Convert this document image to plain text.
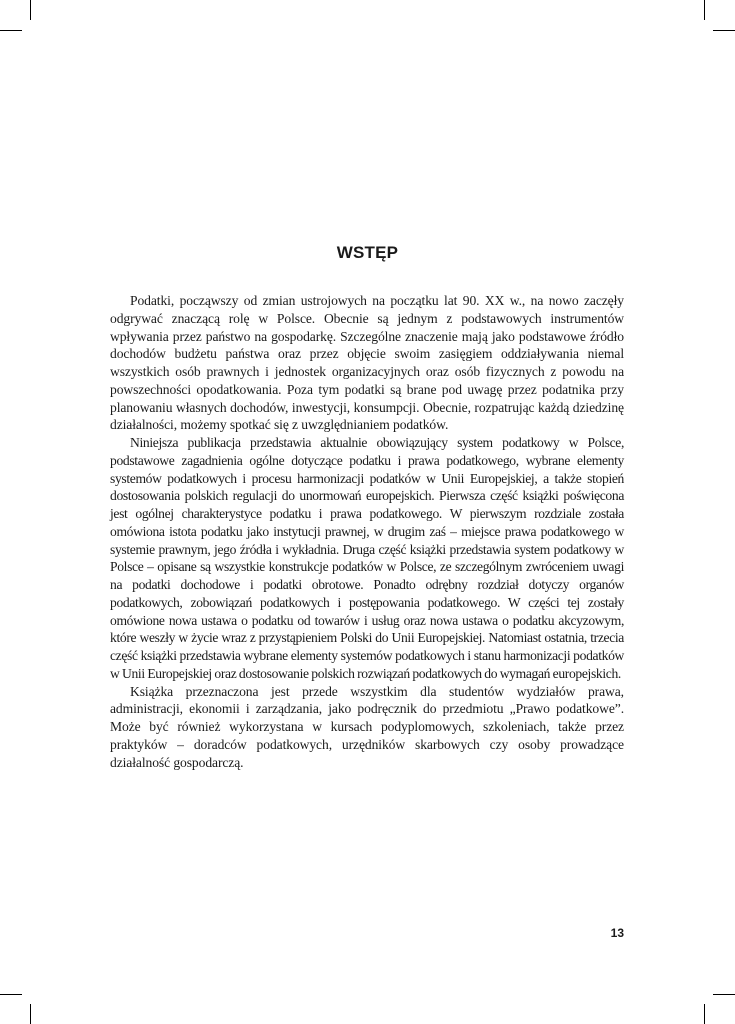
WSTĘP

Podatki, począwszy od zmian ustrojowych na początku lat 90. XX w., na nowo zaczęły odgrywać znaczącą rolę w Polsce. Obecnie są jednym z podstawowych instrumentów wpływania przez państwo na gospodarkę. Szczególne znaczenie mają jako podstawowe źródło dochodów budżetu państwa oraz przez objęcie swoim zasięgiem oddziaływania niemal wszystkich osób prawnych i jednostek organizacyjnych oraz osób fizycznych z powodu na powszechności opodatkowania. Poza tym podatki są brane pod uwagę przez podatnika przy planowaniu własnych dochodów, inwestycji, konsumpcji. Obecnie, rozpatrując każdą dziedzinę działalności, możemy spotkać się z uwzględnianiem podatków.

Niniejsza publikacja przedstawia aktualnie obowiązujący system podatkowy w Polsce, podstawowe zagadnienia ogólne dotyczące podatku i prawa podatkowego, wybrane elementy systemów podatkowych i procesu harmonizacji podatków w Unii Europejskiej, a także stopień dostosowania polskich regulacji do unormowań europejskich. Pierwsza część książki poświęcona jest ogólnej charakterystyce podatku i prawa podatkowego. W pierwszym rozdziale została omówiona istota podatku jako instytucji prawnej, w drugim zaś – miejsce prawa podatkowego w systemie prawnym, jego źródła i wykładnia. Druga część książki przedstawia system podatkowy w Polsce – opisane są wszystkie konstrukcje podatków w Polsce, ze szczególnym zwróceniem uwagi na podatki dochodowe i podatki obrotowe. Ponadto odrębny rozdział dotyczy organów podatkowych, zobowiązań podatkowych i postępowania podatkowego. W części tej zostały omówione nowa ustawa o podatku od towarów i usług oraz nowa ustawa o podatku akcyzowym, które weszły w życie wraz z przystąpieniem Polski do Unii Europejskiej. Natomiast ostatnia, trzecia część książki przedstawia wybrane elementy systemów podatkowych i stanu harmonizacji podatków w Unii Europejskiej oraz dostosowanie polskich rozwiązań podatkowych do wymagań europejskich.

Książka przeznaczona jest przede wszystkim dla studentów wydziałów prawa, administracji, ekonomii i zarządzania, jako podręcznik do przedmiotu „Prawo podatkowe”. Może być również wykorzystana w kursach podyplomowych, szkoleniach, także przez praktyków – doradców podatkowych, urzędników skarbowych czy osoby prowadzące działalność gospodarczą.

13
